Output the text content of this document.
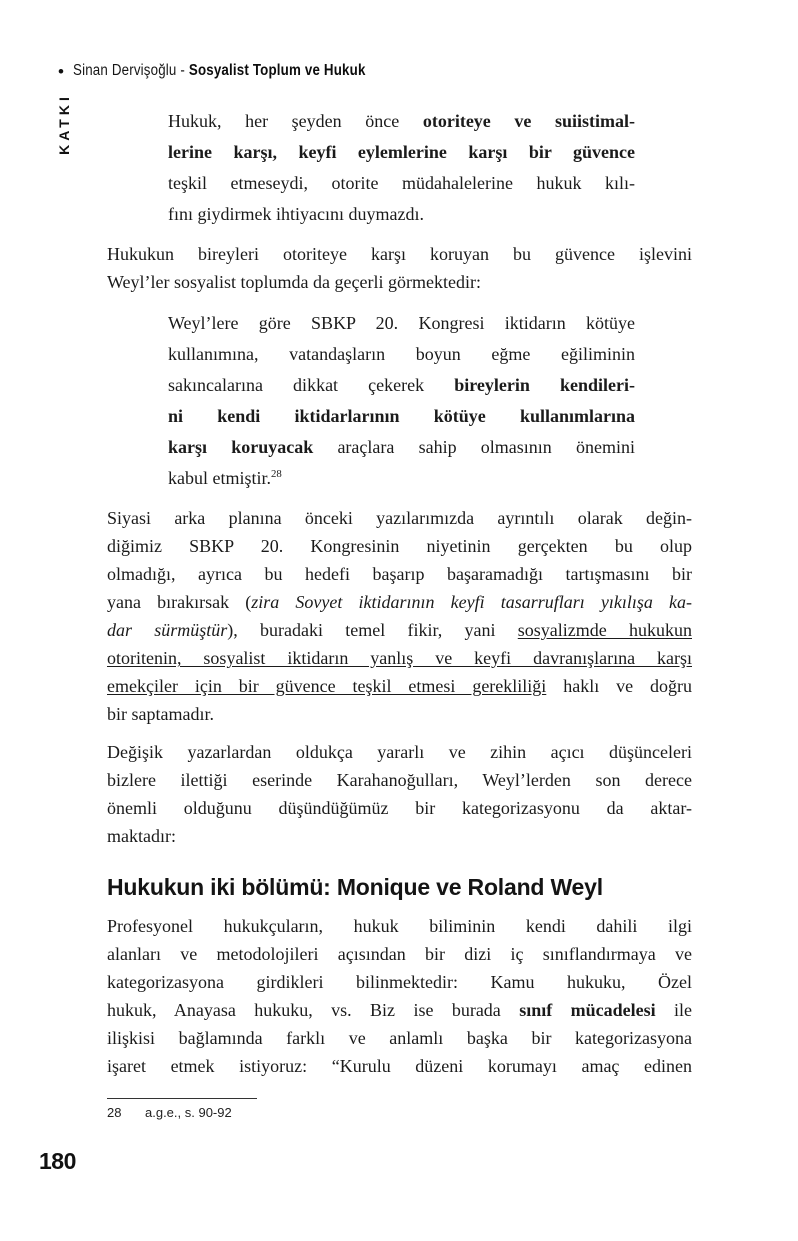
• Sinan Dervişoğlu - Sosyalist Toplum ve Hukuk
KATKI	Hukuk, her şeyden önce otoriteye ve suiistimal-
lerine karşı, keyfi eylemlerine karşı bir güvence
teşkil etmeseydi, otorite müdahalelerine hukuk kılı-
fını giydirmek ihtiyacını duymazdı.
Hukukun bireyleri otoriteye karşı koruyan bu güvence işlevini
Weyl’ler sosyalist toplumda da geçerli görmektedir:
Weyl’lere göre SBKP 20. Kongresi iktidarın kötüye
kullanımına, vatandaşların boyun eğme eğiliminin
sakıncalarına dikkat çekerek bireylerin kendileri-
ni kendi iktidarlarının kötüye kullanımlarına
karşı koruyacak araçlara sahip olmasının önemini
kabul etmiştir.$^{28}$
Siyasi arka planına önceki yazılarımızda ayrıntılı olarak değin-
diğimiz SBKP 20. Kongresinin niyetinin gerçekten bu olup
olmadığı, ayrıca bu hedefi başarıp başaramadığı tartışmasını bir
yana bırakırsak (zira Sovyet iktidarının keyfi tasarrufları yıkılışa ka-
dar sürmüştür), buradaki temel fikir, yani sosyalizmde hukukun
otoritenin, sosyalist iktidarın yanlış ve keyfi davranışlarına karşı
emekçiler için bir güvence teşkil etmesi gerekliliği haklı ve doğru
bir saptamadır.
Değişik yazarlardan oldukça yararlı ve zihin açıcı düşünceleri
bizlere ilettiği eserinde Karahanoğulları, Weyl’lerden son derece
önemli olduğunu düşündüğümüz bir kategorizasyonu da aktar-
maktadır:
Hukukun iki bölümü: Monique ve Roland Weyl
Profesyonel hukukçuların, hukuk biliminin kendi dahili ilgi
alanları ve metodolojileri açısından bir dizi iç sınıflandırmaya ve
kategorizasyona girdikleri bilinmektedir: Kamu hukuku, Özel
hukuk, Anayasa hukuku, vs. Biz ise burada sınıf mücadelesi ile
ilişkisi bağlamında farklı ve anlamlı başka bir kategorizasyona
işaret etmek istiyoruz: “Kurulu düzeni korumayı amaç edinen
28	a.g.e., s. 90-92
180
